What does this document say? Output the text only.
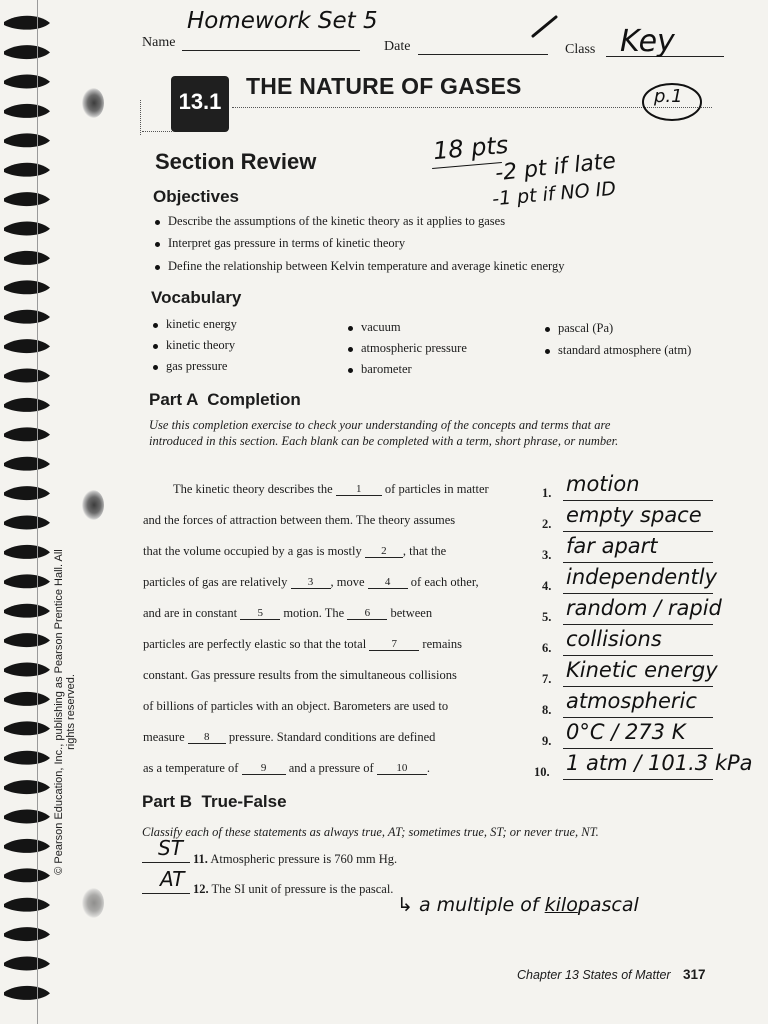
Name
Homework Set 5
Date	Class Key
13.1
THE NATURE OF GASES	p.1
18 pts
-2 pt if late
-1 pt if NO ID
Section Review
Objectives
Describe the assumptions of the kinetic theory as it applies to gases
Interpret gas pressure in terms of kinetic theory
Define the relationship between Kelvin temperature and average kinetic energy
Vocabulary
kinetic energy
kinetic theory
gas pressure
vacuum
atmospheric pressure
barometer
pascal (Pa)
standard atmosphere (atm)
Part A  Completion
Use this completion exercise to check your understanding of the concepts and terms that are introduced in this section. Each blank can be completed with a term, short phrase, or number.
The kinetic theory describes the 1 of particles in matter
and the forces of attraction between them. The theory assumes
that the volume occupied by a gas is mostly 2 , that the
particles of gas are relatively 3 , move 4 of each other,
and are in constant 5 motion. The 6 between
particles are perfectly elastic so that the total 7 remains
constant. Gas pressure results from the simultaneous collisions
of billions of particles with an object. Barometers are used to
measure 8 pressure. Standard conditions are defined
as a temperature of 9 and a pressure of 10 .
1. motion
2. empty space
3. far apart
4. independently
5. random / rapid
6. collisions
7. Kinetic energy
8. atmospheric
9. 0°C / 273 K
10. 1 atm / 101.3 kPa
Part B  True-False
Classify each of these statements as always true, AT; sometimes true, ST; or never true, NT.
ST 11. Atmospheric pressure is 760 mm Hg.
AT 12. The SI unit of pressure is the pascal.
↳ a multiple of kilopascal
Chapter 13 States of Matter 317
© Pearson Education, Inc., publishing as Pearson Prentice Hall. All rights reserved.
